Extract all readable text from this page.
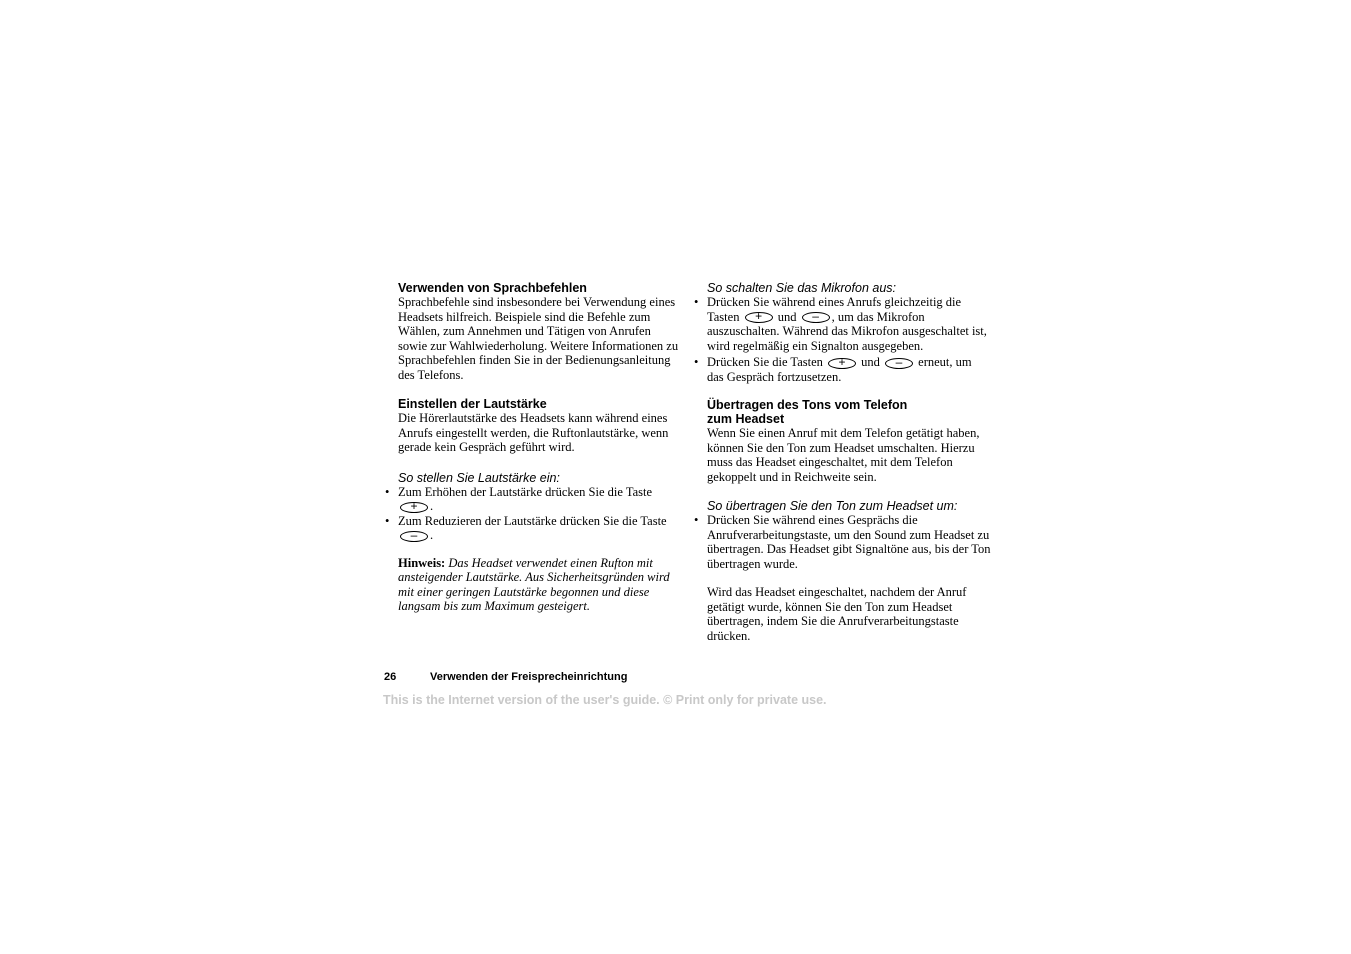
Verwenden von Sprachbefehlen

Sprachbefehle sind insbesondere bei Verwendung eines Headsets hilfreich. Beispiele sind die Befehle zum Wählen, zum Annehmen und Tätigen von Anrufen sowie zur Wahlwiederholung. Weitere Informationen zu Sprachbefehlen finden Sie in der Bedienungsanleitung des Telefons.

Einstellen der Lautstärke

Die Hörerlautstärke des Headsets kann während eines Anrufs eingestellt werden, die Ruftonlautstärke, wenn gerade kein Gespräch geführt wird.

So stellen Sie Lautstärke ein:
• Zum Erhöhen der Lautstärke drücken Sie die Taste

+	.
• Zum Reduzieren der Lautstärke drücken Sie die Taste

–	.

Hinweis: Das Headset verwendet einen Rufton mit ansteigender Lautstärke. Aus Sicherheitsgründen wird mit einer geringen Lautstärke begonnen und diese langsam bis zum Maximum gesteigert.

So schalten Sie das Mikrofon aus:
• Drücken Sie während eines Anrufs gleichzeitig die Tasten	+	und	–	, um das Mikrofon auszuschalten. Während das Mikrofon ausgeschaltet ist, wird regelmäßig ein Signalton ausgegeben.
• Drücken Sie die Tasten	+	und	–	erneut, um das Gespräch fortzusetzen.
Übertragen des Tons vom Telefon
zum Headset

Wenn Sie einen Anruf mit dem Telefon getätigt haben, können Sie den Ton zum Headset umschalten. Hierzu muss das Headset eingeschaltet, mit dem Telefon gekoppelt und in Reichweite sein.

So übertragen Sie den Ton zum Headset um:
• Drücken Sie während eines Gesprächs die Anrufverarbeitungstaste, um den Sound zum Headset zu übertragen. Das Headset gibt Signaltöne aus, bis der Ton übertragen wurde.

Wird das Headset eingeschaltet, nachdem der Anruf getätigt wurde, können Sie den Ton zum Headset übertragen, indem Sie die Anrufverarbeitungstaste drücken.

26	Verwenden der Freisprecheinrichtung
This is the Internet version of the user's guide. © Print only for private use.
